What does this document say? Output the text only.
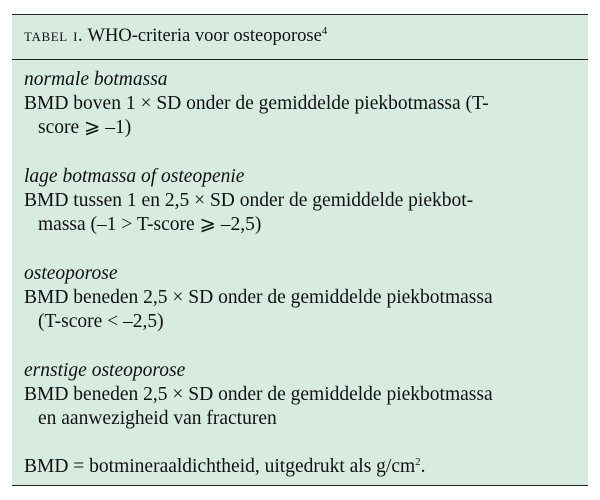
tabel i. WHO-criteria voor osteoporose$^4$
normale botmassa
BMD boven 1 × SD onder de gemiddelde piekbotmassa (T-
score ⩾ –1)
lage botmassa of osteopenie
BMD tussen 1 en 2,5 × SD onder de gemiddelde piekbot-
massa (–1 > T-score ⩾ –2,5)
osteoporose
BMD beneden 2,5 × SD onder de gemiddelde piekbotmassa
(T-score < –2,5)
ernstige osteoporose
BMD beneden 2,5 × SD onder de gemiddelde piekbotmassa
en aanwezigheid van fracturen
BMD = botmineraaldichtheid, uitgedrukt als $g/cm^2$.
